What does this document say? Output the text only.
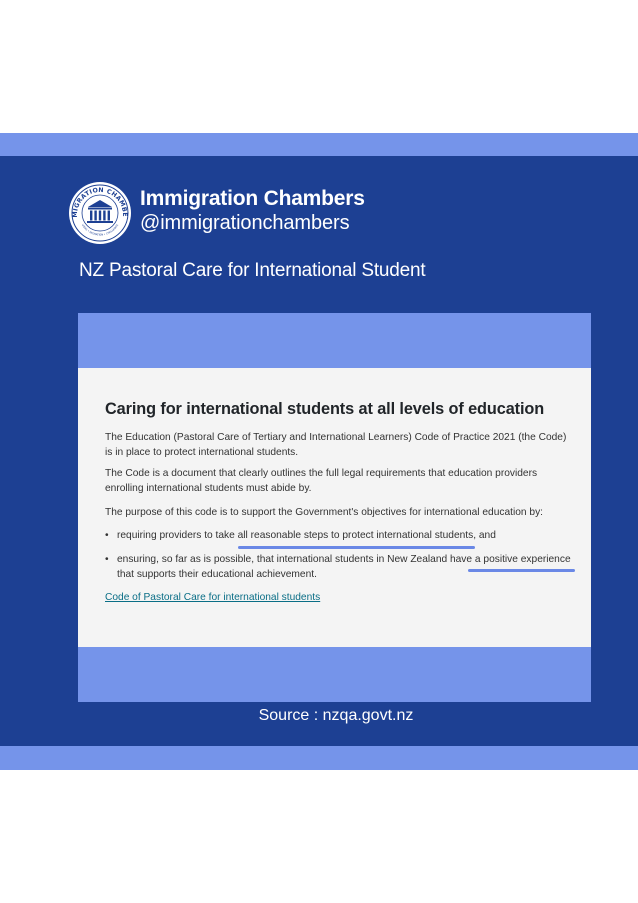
MIGRATION CHAMBE
VISAS • MIGRATION • CHALLENGE
Immigration Chambers
@immigrationchambers
NZ Pastoral Care for International Student
Caring for international students at all levels of education
The Education (Pastoral Care of Tertiary and International Learners) Code of Practice 2021 (the Code) is in place to protect international students.
The Code is a document that clearly outlines the full legal requirements that education providers enrolling international students must abide by.
The purpose of this code is to support the Government's objectives for international education by:
• requiring providers to take all reasonable steps to protect international students, and
• ensuring, so far as is possible, that international students in New Zealand have a positive experience that supports their educational achievement.
Code of Pastoral Care for international students
Source : nzqa.govt.nz
